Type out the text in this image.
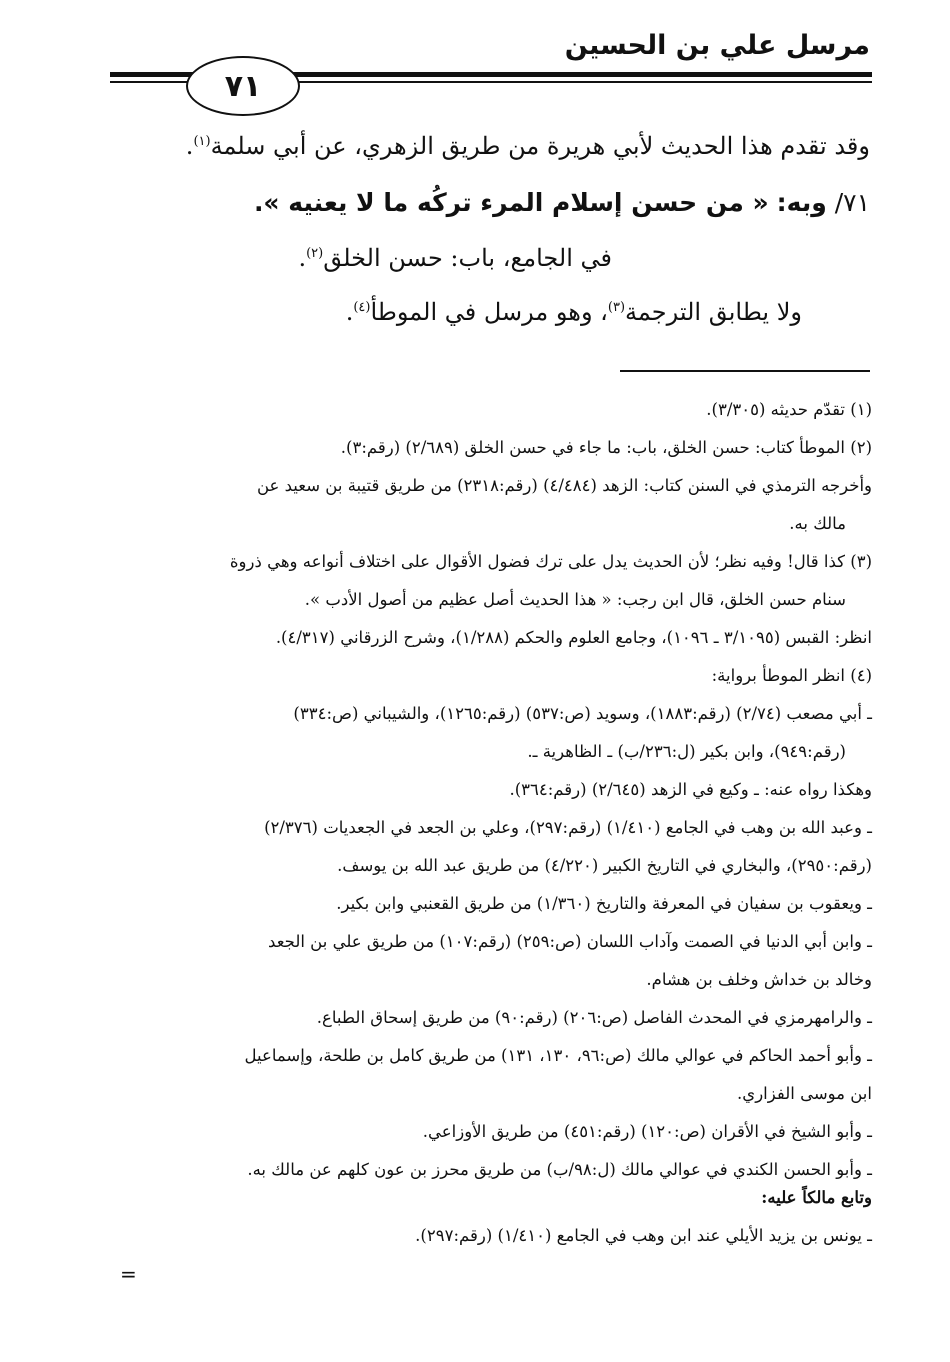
مرسل علي بن الحسين
٧١
وقد تقدم هذا الحديث لأبي هريرة من طريق الزهري، عن أبي سلمة$^{(١)}$.
٧١/ وبه: « من حسن إسلام المرء تركُه ما لا يعنيه ».
في الجامع، باب: حسن الخلق$^{(٢)}$.
ولا يطابق الترجمة$^{(٣)}$، وهو مرسل في الموطأ$^{(٤)}$.
(١) تقدّم حديثه (٣/٣٠٥).
(٢) الموطأ كتاب: حسن الخلق، باب: ما جاء في حسن الخلق (٢/٦٨٩) (رقم:٣).
وأخرجه الترمذي في السنن كتاب: الزهد (٤/٤٨٤) (رقم:٢٣١٨) من طريق قتيبة بن سعيد عن
مالك به.
(٣) كذا قال! وفيه نظر؛ لأن الحديث يدل على ترك فضول الأقوال على اختلاف أنواعه وهي ذروة
سنام حسن الخلق، قال ابن رجب: « هذا الحديث أصل عظيم من أصول الأدب ».
انظر: القبس (٣/١٠٩٥ ـ ١٠٩٦)، وجامع العلوم والحكم (١/٢٨٨)، وشرح الزرقاني (٤/٣١٧).
(٤) انظر الموطأ برواية:
ـ أبي مصعب (٢/٧٤) (رقم:١٨٨٣)، وسويد (ص:٥٣٧) (رقم:١٢٦٥)، والشيباني (ص:٣٣٤)
(رقم:٩٤٩)، وابن بكير (ل:٢٣٦/ب) ـ الظاهرية ـ.
وهكذا رواه عنه: ـ وكيع في الزهد (٢/٦٤٥) (رقم:٣٦٤).
ـ وعبد الله بن وهب في الجامع (١/٤١٠) (رقم:٢٩٧)، وعلي بن الجعد في الجعديات (٢/٣٧٦)
(رقم:٢٩٥٠)، والبخاري في التاريخ الكبير (٤/٢٢٠) من طريق عبد الله بن يوسف.
ـ ويعقوب بن سفيان في المعرفة والتاريخ (١/٣٦٠) من طريق القعنبي وابن بكير.
ـ وابن أبي الدنيا في الصمت وآداب اللسان (ص:٢٥٩) (رقم:١٠٧) من طريق علي بن الجعد
وخالد بن خداش وخلف بن هشام.
ـ والرامهرمزي في المحدث الفاصل (ص:٢٠٦) (رقم:٩٠) من طريق إسحاق الطباع.
ـ وأبو أحمد الحاكم في عوالي مالك (ص:٩٦، ١٣٠، ١٣١) من طريق كامل بن طلحة، وإسماعيل
ابن موسى الفزاري.
ـ وأبو الشيخ في الأقران (ص:١٢٠) (رقم:٤٥١) من طريق الأوزاعي.
ـ وأبو الحسن الكندي في عوالي مالك (ل:٩٨/ب) من طريق محرز بن عون كلهم عن مالك به.
وتابع مالكاً عليه:
ـ يونس بن يزيد الأيلي عند ابن وهب في الجامع (١/٤١٠) (رقم:٢٩٧).
=
